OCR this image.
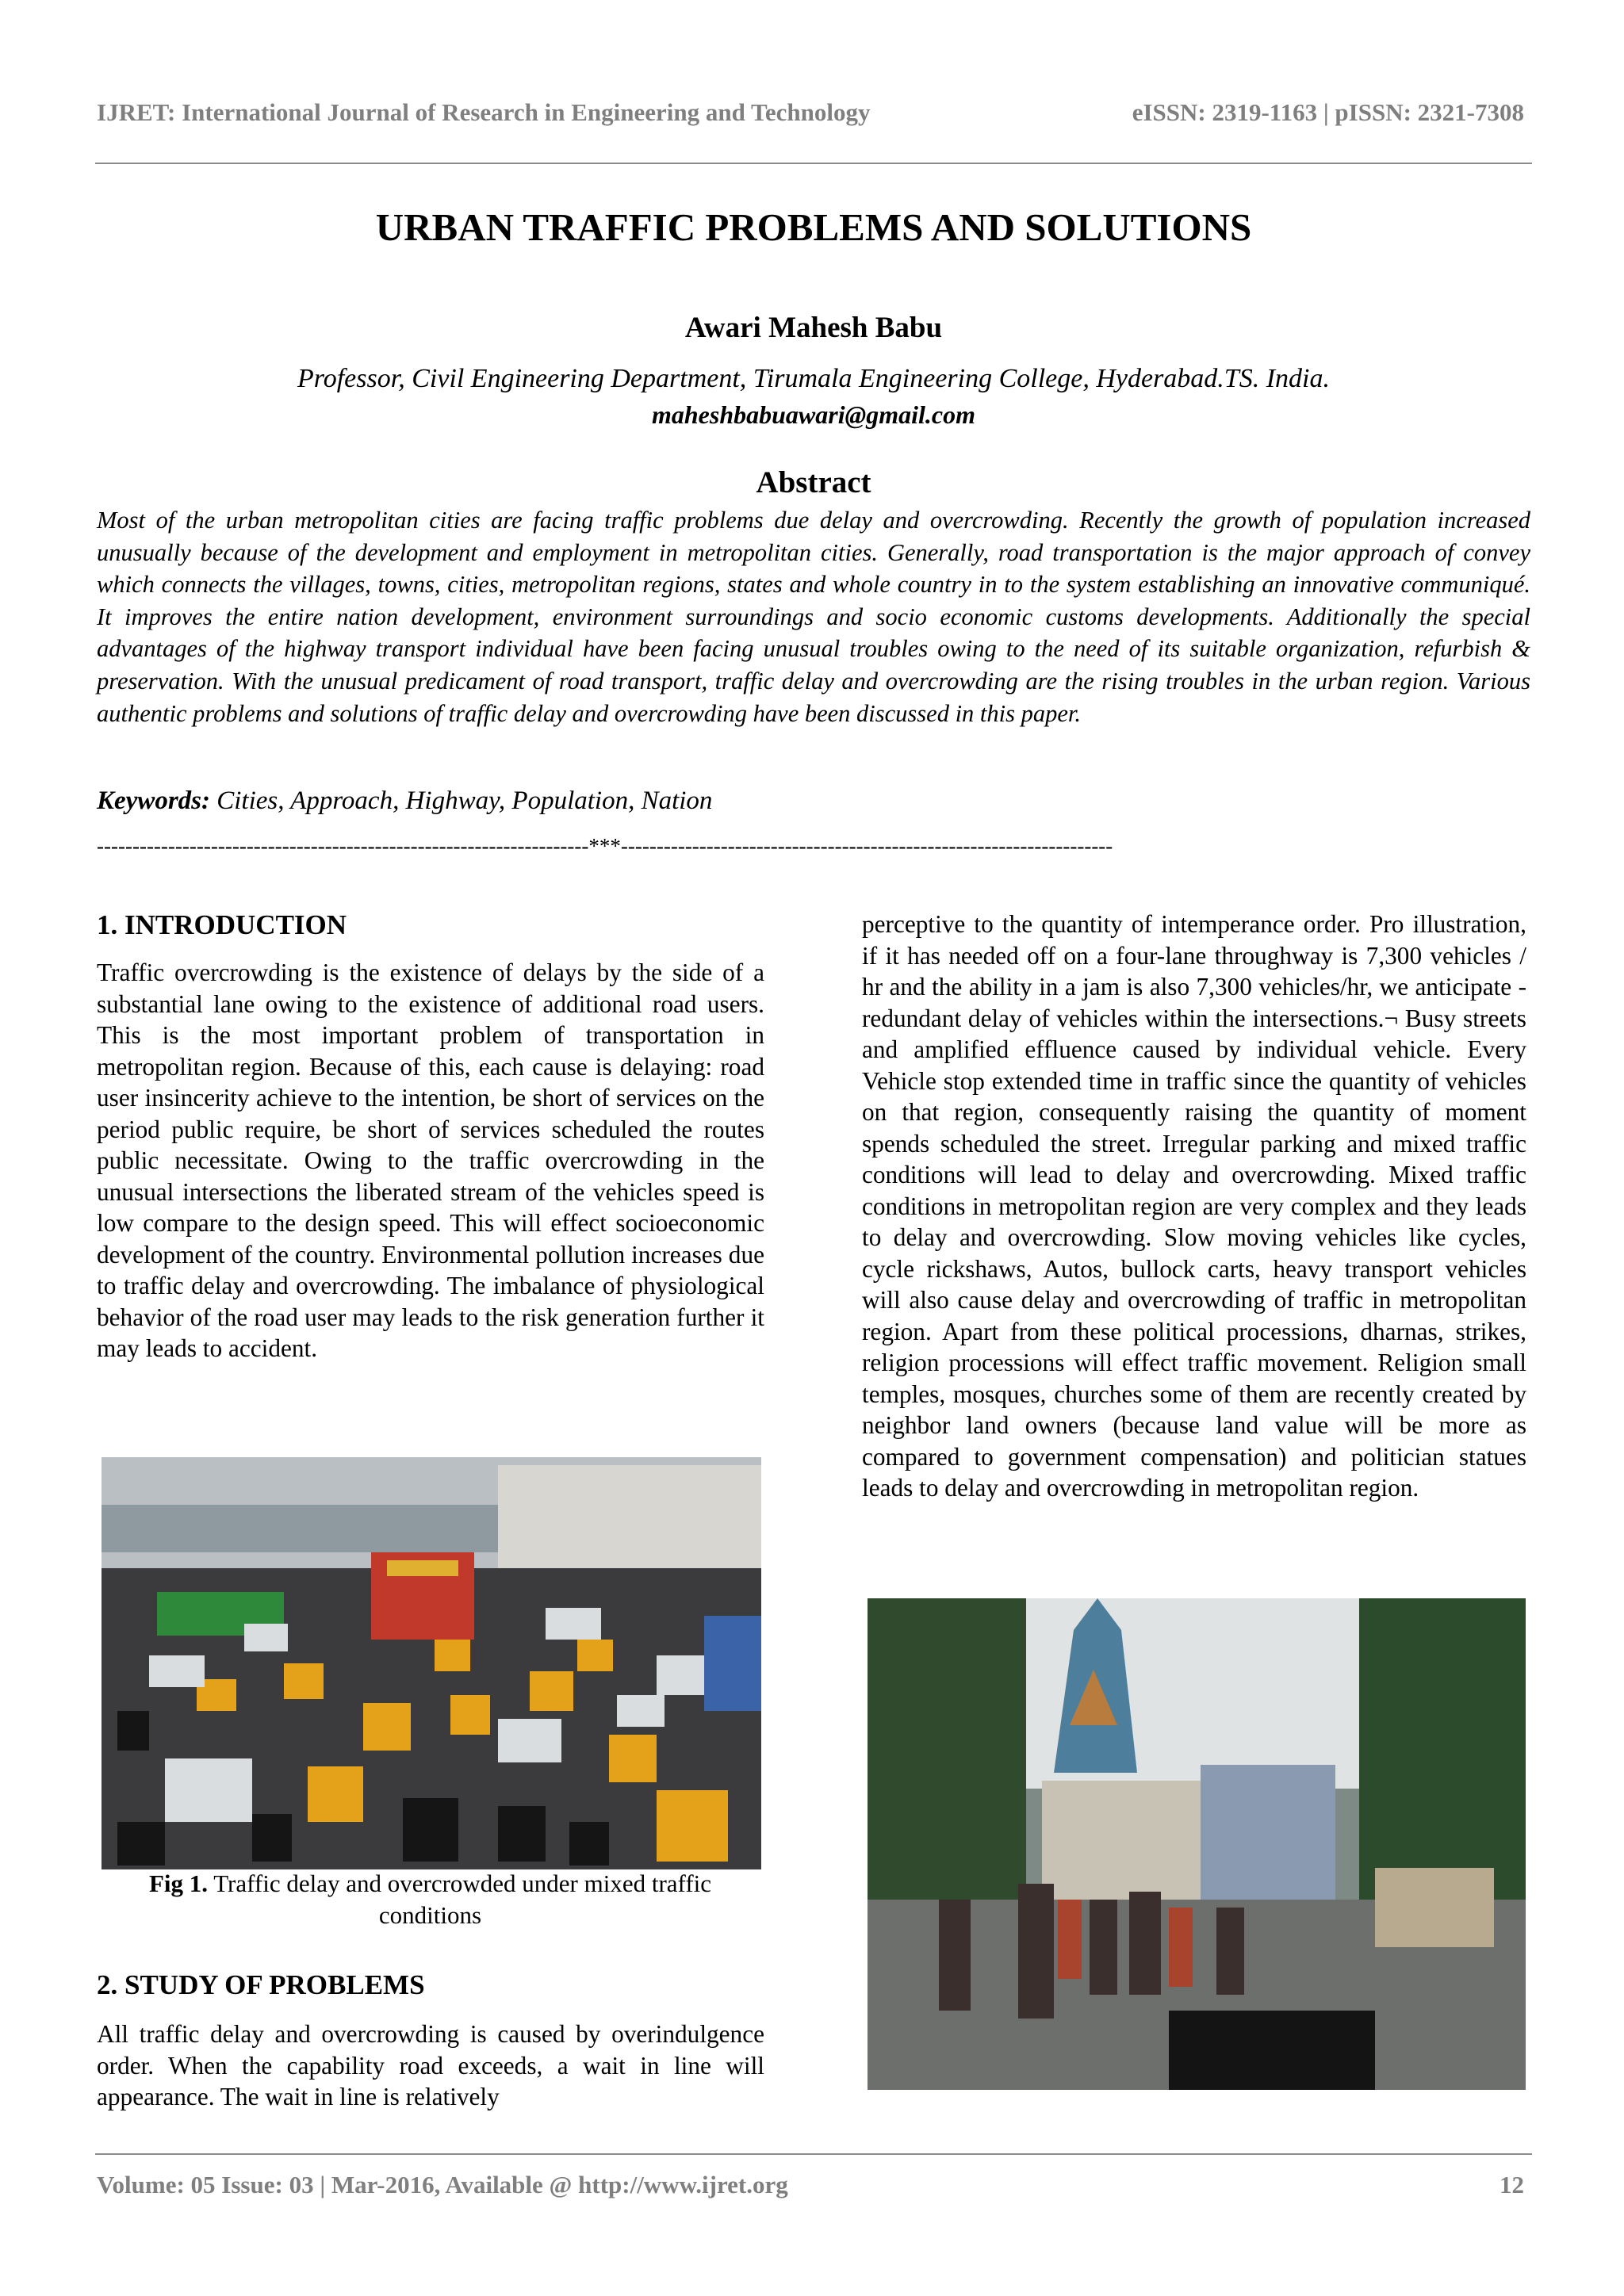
IJRET: International Journal of Research in Engineering and Technology	eISSN: 2319-1163 | pISSN: 2321-7308
URBAN TRAFFIC PROBLEMS AND SOLUTIONS
Awari Mahesh Babu
Professor, Civil Engineering Department, Tirumala Engineering College, Hyderabad.TS. India.
maheshbabuawari@gmail.com
Abstract
Most of the urban metropolitan cities are facing traffic problems due delay and overcrowding. Recently the growth of population increased unusually because of the development and employment in metropolitan cities. Generally, road transportation is the major approach of convey which connects the villages, towns, cities, metropolitan regions, states and whole country in to the system establishing an innovative communiqué. It improves the entire nation development, environment surroundings and socio economic customs developments. Additionally the special advantages of the highway transport individual have been facing unusual troubles owing to the need of its suitable organization, refurbish & preservation. With the unusual predicament of road transport, traffic delay and overcrowding are the rising troubles in the urban region. Various authentic problems and solutions of traffic delay and overcrowding have been discussed in this paper.
Keywords: Cities, Approach, Highway, Population, Nation
---------------------------------------------------------------------***---------------------------------------------------------------------
1. INTRODUCTION
Traffic overcrowding is the existence of delays by the side of a substantial lane owing to the existence of additional road users. This is the most important problem of transportation in metropolitan region. Because of this, each cause is delaying: road user insincerity achieve to the intention, be short of services on the period public require, be short of services scheduled the routes public necessitate. Owing to the traffic overcrowding in the unusual intersections the liberated stream of the vehicles speed is low compare to the design speed. This will effect socioeconomic development of the country. Environmental pollution increases due to traffic delay and overcrowding. The imbalance of physiological behavior of the road user may leads to the risk generation further it may leads to accident.
Fig 1. Traffic delay and overcrowded under mixed traffic conditions
2. STUDY OF PROBLEMS
All traffic delay and overcrowding is caused by overindulgence order. When the capability road exceeds, a wait in line will appearance. The wait in line is relatively
perceptive to the quantity of intemperance order. Pro illustration, if it has needed off on a four-lane throughway is 7,300 vehicles / hr and the ability in a jam is also 7,300 vehicles/hr, we anticipate - redundant delay of vehicles within the intersections.¬ Busy streets and amplified effluence caused by individual vehicle. Every Vehicle stop extended time in traffic since the quantity of vehicles on that region, consequently raising the quantity of moment spends scheduled the street. Irregular parking and mixed traffic conditions will lead to delay and overcrowding. Mixed traffic conditions in metropolitan region are very complex and they leads to delay and overcrowding. Slow moving vehicles like cycles, cycle rickshaws, Autos, bullock carts, heavy transport vehicles will also cause delay and overcrowding of traffic in metropolitan region. Apart from these political processions, dharnas, strikes, religion processions will effect traffic movement. Religion small temples, mosques, churches some of them are recently created by neighbor land owners (because land value will be more as compared to government compensation) and politician statues leads to delay and overcrowding in metropolitan region.
Volume: 05 Issue: 03 | Mar-2016, Available @ http://www.ijret.org	12
